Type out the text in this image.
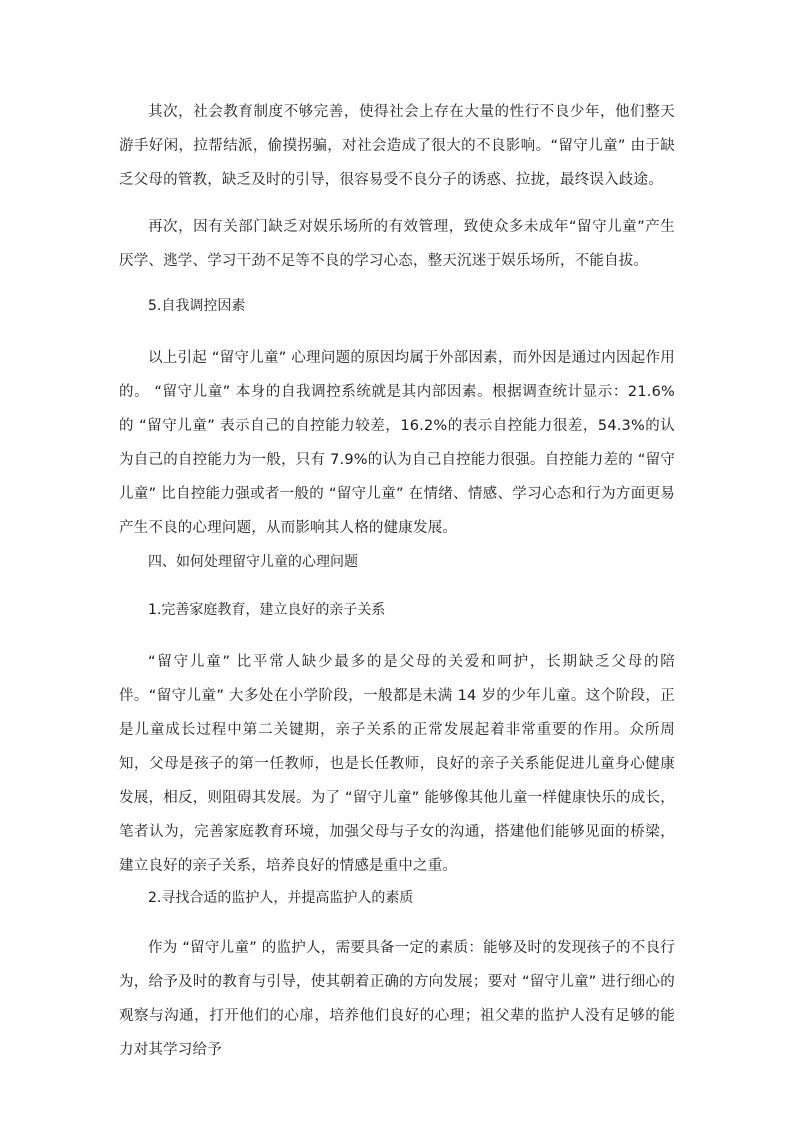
其次，社会教育制度不够完善，使得社会上存在大量的性行不良少年，他们整天游手好闲，拉帮结派，偷摸拐骗，对社会造成了很大的不良影响。“留守儿童” 由于缺乏父母的管教，缺乏及时的引导，很容易受不良分子的诱惑、拉拢，最终误入歧途。

再次，因有关部门缺乏对娱乐场所的有效管理，致使众多未成年“留守儿童”产生厌学、逃学、学习干劲不足等不良的学习心态，整天沉迷于娱乐场所，不能自拔。

5.自我调控因素

以上引起 “留守儿童” 心理问题的原因均属于外部因素，而外因是通过内因起作用的。 “留守儿童” 本身的自我调控系统就是其内部因素。根据调查统计显示：21.6%的 “留守儿童” 表示自己的自控能力较差，16.2%的表示自控能力很差，54.3%的认为自己的自控能力为一般，只有 7.9%的认为自己自控能力很强。自控能力差的 “留守儿童” 比自控能力强或者一般的 “留守儿童” 在情绪、情感、学习心态和行为方面更易产生不良的心理问题，从而影响其人格的健康发展。

四、如何处理留守儿童的心理问题
1.完善家庭教育，建立良好的亲子关系

“留守儿童” 比平常人缺少最多的是父母的关爱和呵护，长期缺乏父母的陪伴。“留守儿童” 大多处在小学阶段，一般都是未满 14 岁的少年儿童。这个阶段，正是儿童成长过程中第二关键期，亲子关系的正常发展起着非常重要的作用。众所周知，父母是孩子的第一任教师，也是长任教师，良好的亲子关系能促进儿童身心健康发展，相反，则阻碍其发展。为了 “留守儿童” 能够像其他儿童一样健康快乐的成长，笔者认为，完善家庭教育环境，加强父母与子女的沟通，搭建他们能够见面的桥梁，建立良好的亲子关系，培养良好的情感是重中之重。

2.寻找合适的监护人，并提高监护人的素质

作为 “留守儿童” 的监护人，需要具备一定的素质：能够及时的发现孩子的不良行为，给予及时的教育与引导，使其朝着正确的方向发展；要对 “留守儿童” 进行细心的观察与沟通，打开他们的心扉，培养他们良好的心理；祖父辈的监护人没有足够的能力对其学习给予
